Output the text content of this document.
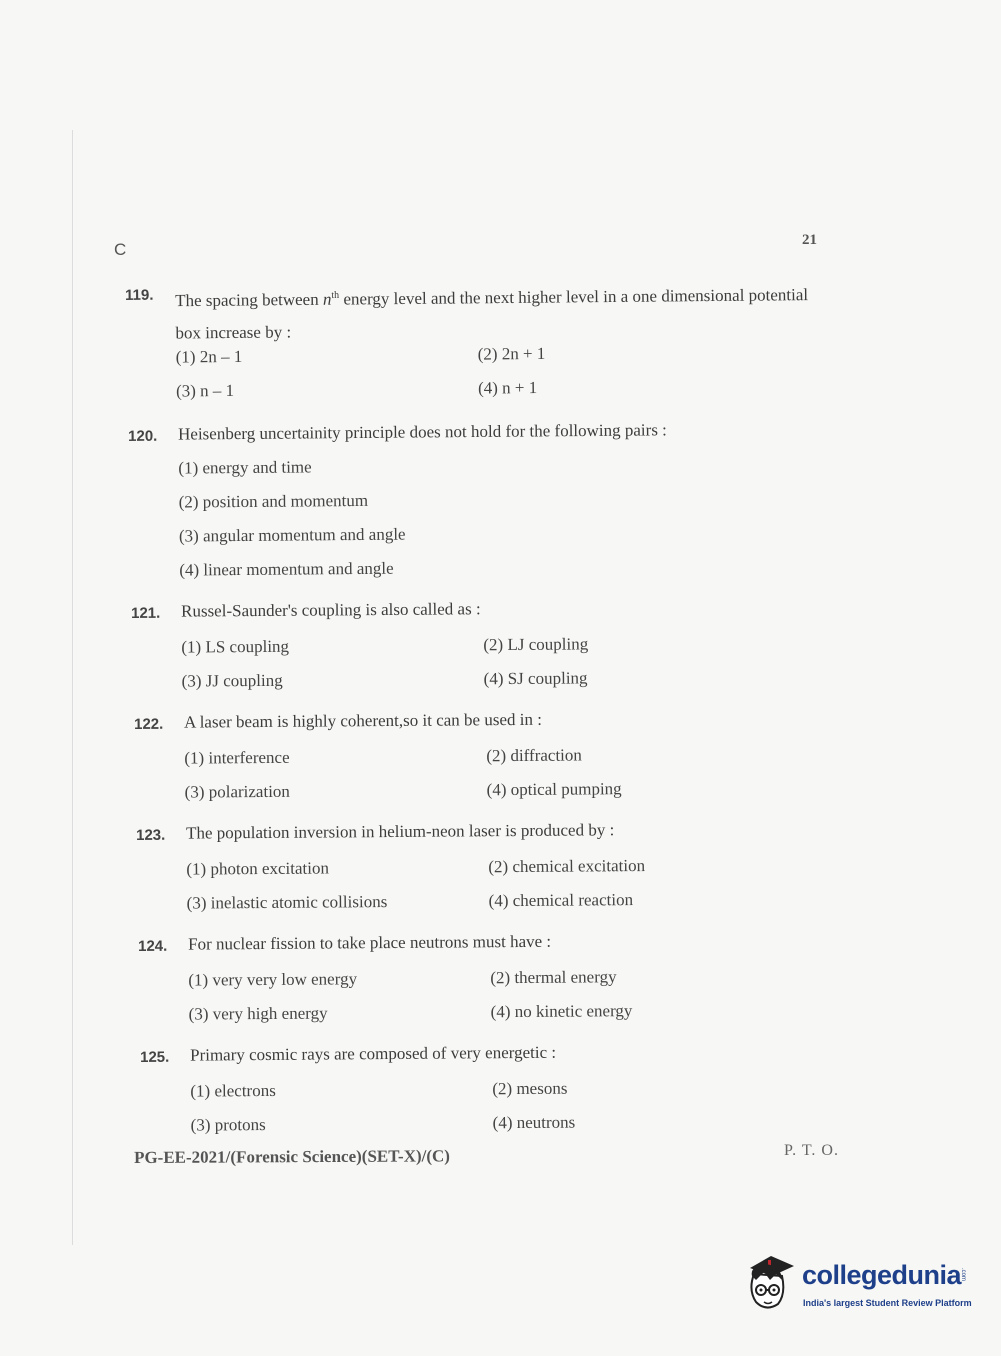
C	21
119. The spacing between $n^{th}$ energy level and the next higher level in a one dimensional potential box increase by :
(1) 2n – 1	(2) 2n + 1
(3) n – 1	(4) n + 1
120. Heisenberg uncertainity principle does not hold for the following pairs :
(1) energy and time
(2) position and momentum
(3) angular momentum and angle
(4) linear momentum and angle
121. Russel-Saunder's coupling is also called as :
(1) LS coupling	(2) LJ coupling
(3) JJ coupling	(4) SJ coupling
122. A laser beam is highly coherent,so it can be used in :
(1) interference	(2) diffraction
(3) polarization	(4) optical pumping
123. The population inversion in helium-neon laser is produced by :
(1) photon excitation	(2) chemical excitation
(3) inelastic atomic collisions	(4) chemical reaction
124. For nuclear fission to take place neutrons must have :
(1) very very low energy	(2) thermal energy
(3) very high energy	(4) no kinetic energy
125. Primary cosmic rays are composed of very energetic :
(1) electrons	(2) mesons
(3) protons	(4) neutrons
PG-EE-2021/(Forensic Science)(SET-X)/(C)	P. T. O.
collegedunia
.com
India's largest Student Review Platform
